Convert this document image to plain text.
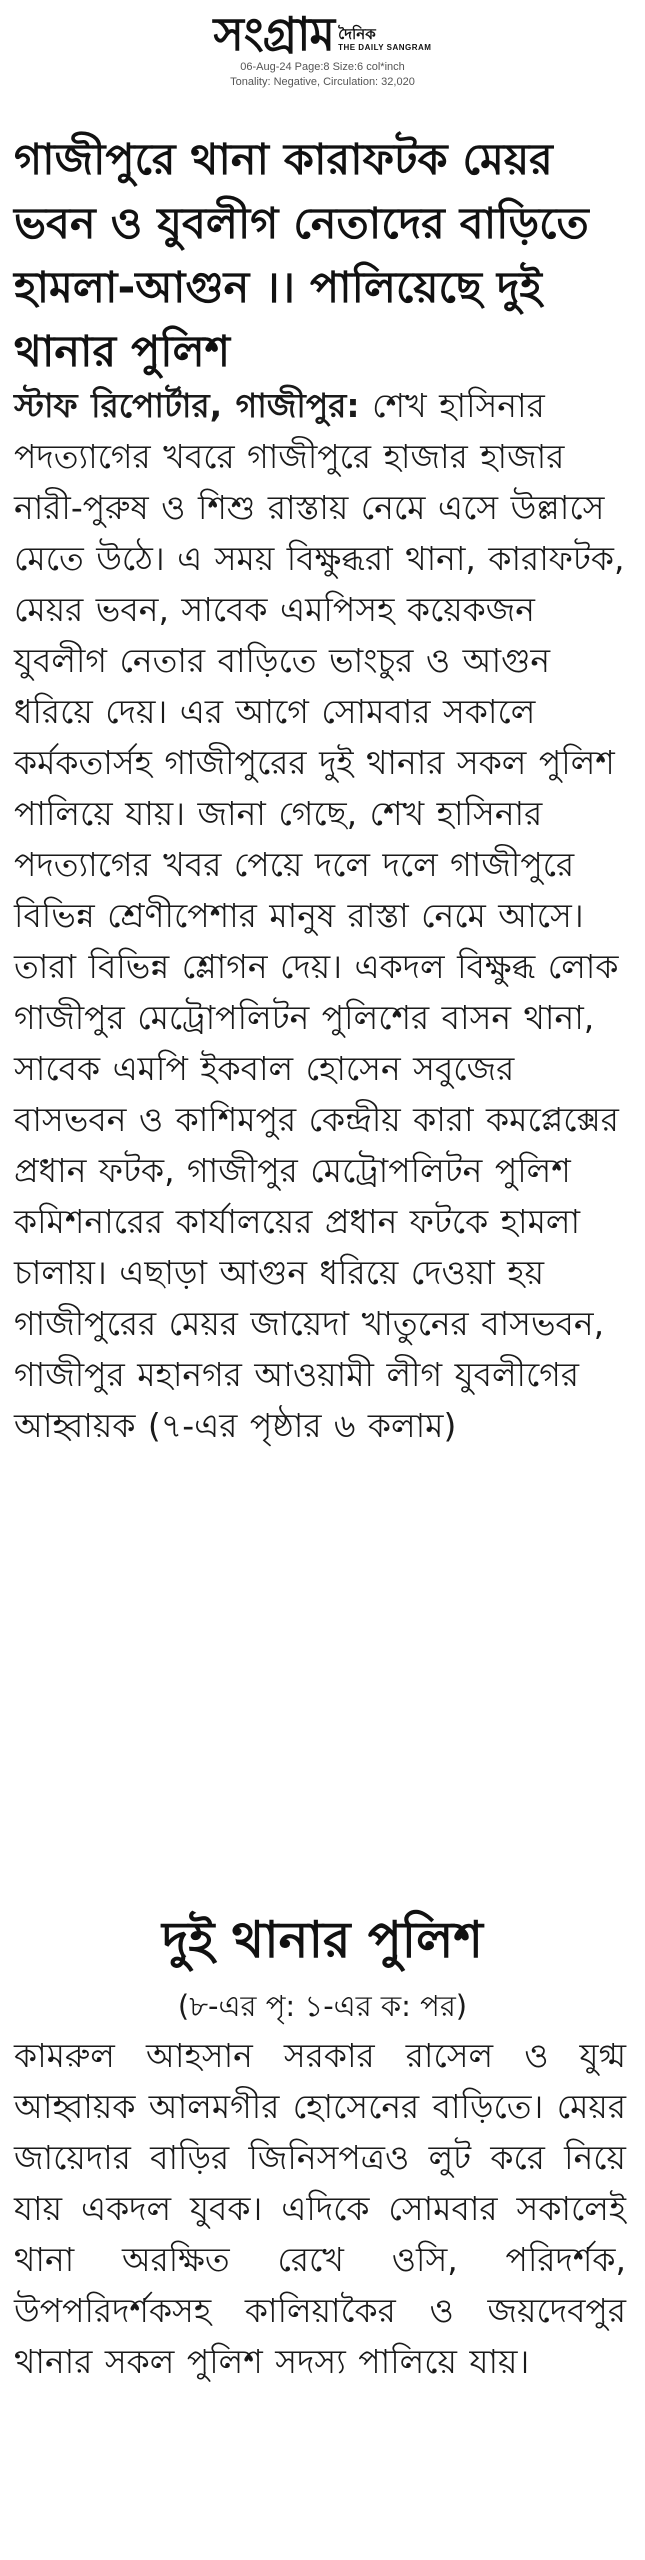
সংগ্রাম দৈনিক
THE DAILY SANGRAM
06-Aug-24 Page:8 Size:6 col*inch
Tonality: Negative, Circulation: 32,020
গাজীপুরে থানা কারাফটক মেয়র ভবন ও যুবলীগ নেতাদের বাড়িতে হামলা-আগুন ।। পালিয়েছে দুই থানার পুলিশ

স্টাফ রিপোর্টার, গাজীপুর: শেখ হাসিনার পদত্যাগের খবরে গাজীপুরে হাজার হাজার নারী-পুরুষ ও শিশু রাস্তায় নেমে এসে উল্লাসে মেতে উঠে। এ সময় বিক্ষুব্ধরা থানা, কারাফটক, মেয়র ভবন, সাবেক এমপিসহ কয়েকজন যুবলীগ নেতার বাড়িতে ভাংচুর ও আগুন ধরিয়ে দেয়। এর আগে সোমবার সকালে কর্মকতার্সহ গাজীপুরের দুই থানার সকল পুলিশ পালিয়ে যায়। জানা গেছে, শেখ হাসিনার পদত্যাগের খবর পেয়ে দলে দলে গাজীপুরে বিভিন্ন শ্রেণীপেশার মানুষ রাস্তা নেমে আসে। তারা বিভিন্ন শ্লোগন দেয়। একদল বিক্ষুব্ধ লোক গাজীপুর মেট্রোপলিটন পুলিশের বাসন থানা, সাবেক এমপি ইকবাল হোসেন সবুজের বাসভবন ও কাশিমপুর কেন্দ্রীয় কারা কমপ্লেক্সের প্রধান ফটক, গাজীপুর মেট্রোপলিটন পুলিশ কমিশনারের কার্যালয়ের প্রধান ফটকে হামলা চালায়। এছাড়া আগুন ধরিয়ে দেওয়া হয় গাজীপুরের মেয়র জায়েদা খাতুনের বাসভবন, গাজীপুর মহানগর আওয়ামী লীগ যুবলীগের আহ্বায়ক (৭-এর পৃষ্ঠার ৬ কলাম)

দুই থানার পুলিশ
(৮-এর পৃ: ১-এর ক: পর)

কামরুল আহসান সরকার রাসেল ও যুগ্ম আহ্বায়ক আলমগীর হোসেনের বাড়িতে। মেয়র জায়েদার বাড়ির জিনিসপত্রও লুট করে নিয়ে যায় একদল যুবক। এদিকে সোমবার সকালেই থানা অরক্ষিত রেখে ওসি, পরিদর্শক, উপপরিদর্শকসহ কালিয়াকৈর ও জয়দেবপুর থানার সকল পুলিশ সদস্য পালিয়ে যায়।
